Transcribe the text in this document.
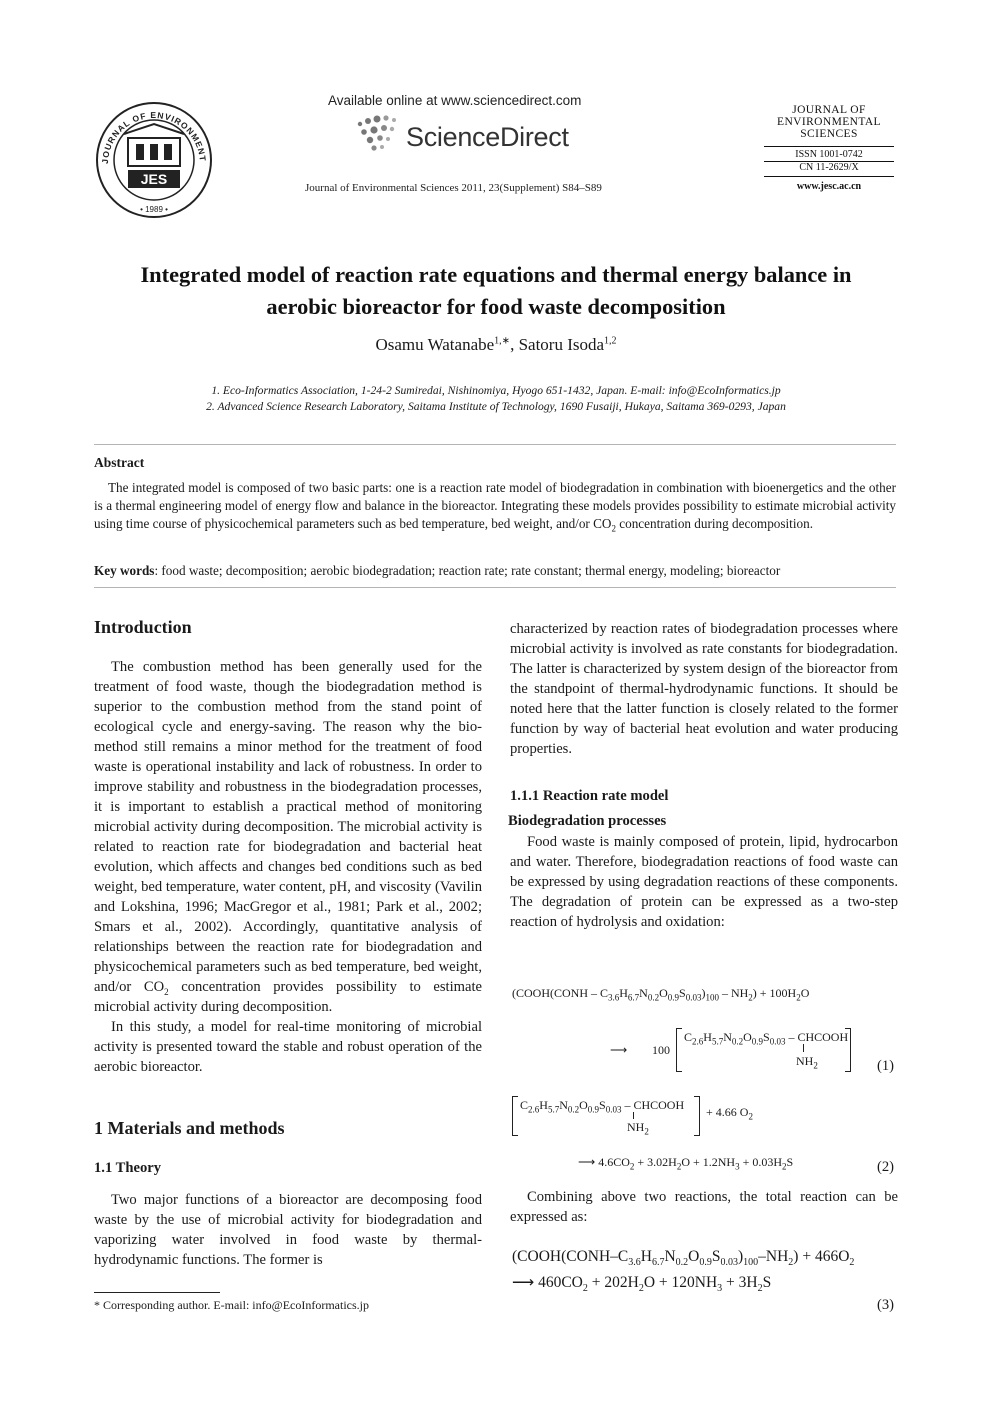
JOURNAL OF ENVIRONMENT
JES
• 1989 •
Available online at www.sciencedirect.com
ScienceDirect
Journal of Environmental Sciences 2011, 23(Supplement) S84–S89
JOURNAL OF
ENVIRONMENTAL
SCIENCES
ISSN 1001-0742
CN 11-2629/X
www.jesc.ac.cn
Integrated model of reaction rate equations and thermal energy balance in
aerobic bioreactor for food waste decomposition
Osamu Watanabe$^{1,∗}$, Satoru Isoda$^{1,2}$
1. Eco-Informatics Association, 1-24-2 Sumiredai, Nishinomiya, Hyogo 651-1432, Japan. E-mail: info@EcoInformatics.jp
2. Advanced Science Research Laboratory, Saitama Institute of Technology, 1690 Fusaiji, Hukaya, Saitama 369-0293, Japan
Abstract
The integrated model is composed of two basic parts: one is a reaction rate model of biodegradation in combination with bioenergetics and the other is a thermal engineering model of energy flow and balance in the bioreactor. Integrating these models provides possibility to estimate microbial activity using time course of physicochemical parameters such as bed temperature, bed weight, and/or $CO_2$ concentration during decomposition.
Key words: food waste; decomposition; aerobic biodegradation; reaction rate; rate constant; thermal energy, modeling; bioreactor
Introduction

The combustion method has been generally used for the treatment of food waste, though the biodegradation method is superior to the combustion method from the stand point of ecological cycle and energy-saving. The reason why the bio-method still remains a minor method for the treatment of food waste is operational instability and lack of robustness. In order to improve stability and robustness in the biodegradation processes, it is important to establish a practical method of monitoring microbial activity during decomposition. The microbial activity is related to reaction rate for biodegradation and bacterial heat evolution, which affects and changes bed conditions such as bed weight, bed temperature, water content, pH, and viscosity (Vavilin and Lokshina, 1996; MacGregor et al., 1981; Park et al., 2002; Smars et al., 2002). Accordingly, quantitative analysis of relationships between the reaction rate for biodegradation and physicochemical parameters such as bed temperature, bed weight, and/or $CO_2$ concentration provides possibility to estimate microbial activity during decomposition.

In this study, a model for real-time monitoring of microbial activity is presented toward the stable and robust operation of the aerobic bioreactor.

1 Materials and methods
1.1 Theory

Two major functions of a bioreactor are decomposing food waste by the use of microbial activity for biodegradation and vaporizing water involved in food waste by thermal-hydrodynamic functions. The former is

* Corresponding author. E-mail: info@EcoInformatics.jp

characterized by reaction rates of biodegradation processes where microbial activity is involved as rate constants for biodegradation. The latter is characterized by system design of the bioreactor from the standpoint of thermal-hydrodynamic functions. It should be noted here that the latter function is closely related to the former function by way of bacterial heat evolution and water producing properties.

1.1.1 Reaction rate model
Biodegradation processes

Food waste is mainly composed of protein, lipid, hydrocarbon and water. Therefore, biodegradation reactions of food waste can be expressed by using degradation reactions of these components. The degradation of protein can be expressed as a two-step reaction of hydrolysis and oxidation:

(COOH(CONH – $C_{3.6}H_{6.7}N_{0.2}O_{0.9}S_{0.03})_{100} - NH_2) + 100H_2O$
⟶ 100
$C_{2.6}H_{5.7}N_{0.2}O_{0.9}S_{0.03}$ – CHCOOH
$NH_2$	(1)
$C_{2.6}H_{5.7}N_{0.2}O_{0.9}S_{0.03}$ – CHCOOH
$NH_2$
+ 4.66 $O_2$
⟶ $4.6CO_2 + 3.02H_2O + 1.2NH_3 + 0.03H_2S$	(2)

Combining above two reactions, the total reaction can be expressed as:

$(COOH(CONH-C_{3.6}H_{6.7}N_{0.2}O_{0.9}S_{0.03})_{100}-NH_2) + 466O_2$
⟶ $460CO_2 + 202H_2O + 120NH_3 + 3H_2S$
(3)
